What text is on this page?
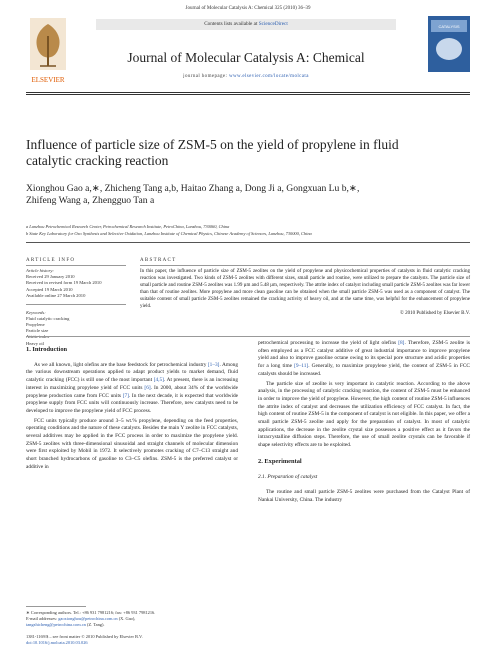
Journal of Molecular Catalysis A: Chemical 325 (2010) 36–39
ELSEVIER
Contents lists available at ScienceDirect
Journal of Molecular Catalysis A: Chemical
journal homepage: www.elsevier.com/locate/molcata
CATALYSIS
Influence of particle size of ZSM-5 on the yield of propylene in fluid catalytic cracking reaction
Xionghou Gao a,∗, Zhicheng Tang a,b, Haitao Zhang a, Dong Ji a, Gongxuan Lu b,∗,
Zhifeng Wang a, Zhengguo Tan a
a Lanzhou Petrochemical Research Center, Petrochemical Research Institute, PetroChina, Lanzhou, 730060, China
b State Key Laboratory for Oxo Synthesis and Selective Oxidation, Lanzhou Institute of Chemical Physics, Chinese Academy of Sciences, Lanzhou, 730000, China
ARTICLE INFO
Article history:
Received 29 January 2010
Received in revised form 19 March 2010
Accepted 19 March 2010
Available online 27 March 2010
Keywords:
Fluid catalytic cracking
Propylene
Particle size
Attrite index
Heavy oil
ABSTRACT
In this paper, the influence of particle size of ZSM-5 zeolites on the yield of propylene and physicochemical properties of catalysts in fluid catalytic cracking reaction was investigated. Two kinds of ZSM-5 zeolites with different sizes, small particle and routine, were utilized to prepare the catalysts. The particle size of small particle and routine ZSM-5 zeolites was 1.99 µm and 5.48 µm, respectively. The attrite index of catalyst including small particle ZSM-5 zeolites was far lower than that of routine zeolites. More propylene and more clean gasoline can be obtained when the small particle ZSM-5 was used as a component of catalyst. The suitable content of small particle ZSM-5 zeolites remained the cracking activity of heavy oil, and at the same time, was helpful for the enhancement of propylene yield.
© 2010 Published by Elsevier B.V.
1. Introduction

As we all known, light olefins are the base feedstock for petrochemical industry [1–3]. Among the various downstream operations applied to adapt product yields to market demand, fluid catalytic cracking (FCC) is still one of the most important [4,5]. At present, there is an increasing interest in maximizing propylene yield of FCC units [6]. In 2000, about 34% of the worldwide propylene production came from FCC units [7]. In the next decade, it is expected that worldwide propylene supply from FCC units will continuously increase. Therefore, new catalysts need to be developed to improve the propylene yield of FCC process.

FCC units typically produce around 3–5 wt.% propylene, depending on the feed properties, operating conditions and the nature of these catalysts. Besides the main Y zeolite in FCC catalysts, several additives may be applied in the FCC process in order to maximize the propylene yield. ZSM-5 zeolites with three-dimensional sinusoidal and straight channels of molecular dimension were first exploited by Mobil in 1972. It selectively promotes cracking of C7–C13 straight and short branched hydrocarbons of gasoline to C3–C5 olefins. ZSM-5 is the preferred catalyst or additive in

petrochemical processing to increase the yield of light olefins [8]. Therefore, ZSM-5 zeolite is often employed as a FCC catalyst additive of great industrial importance to improve propylene yield and also to improve gasoline octane owing to its special pore structure and acidic properties for a long time [9–11]. Generally, to maximize propylene yield, the content of ZSM-5 in FCC catalysts should be increased.

The particle size of zeolite is very important in catalytic reaction. According to the above analysis, in the processing of catalytic cracking reaction, the content of ZSM-5 must be enhanced in order to improve the yield of propylene. However, the high content of routine ZSM-5 influences the attrite index of catalyst and decreases the utilization efficiency of FCC catalyst. In fact, the high content of routine ZSM-5 in the component of catalyst is not eligible. In this paper, we offer a small particle ZSM-5 zeolite and apply for the preparation of catalyst. In most of catalytic applications, the decrease in the zeolite crystal size possesses a positive effect as it favors the intracrystalline diffusion steps. Therefore, the use of small zeolite crystals can be favorable if shape selectivity effects are to be exploited.

2. Experimental
2.1. Preparation of catalyst

The routine and small particle ZSM-5 zeolites were purchased from the Catalyst Plant of Nankai University, China. The industry

∗ Corresponding authors. Tel.: +86 931 7981216; fax: +86 931 7981216.
E-mail addresses: gaoxionghou@petrochina.com.cn (X. Gao),
tangzhicheng@petrochina.com.cn (Z. Tang).
1381-1169/$ – see front matter © 2010 Published by Elsevier B.V.
doi:10.1016/j.molcata.2010.03.026
